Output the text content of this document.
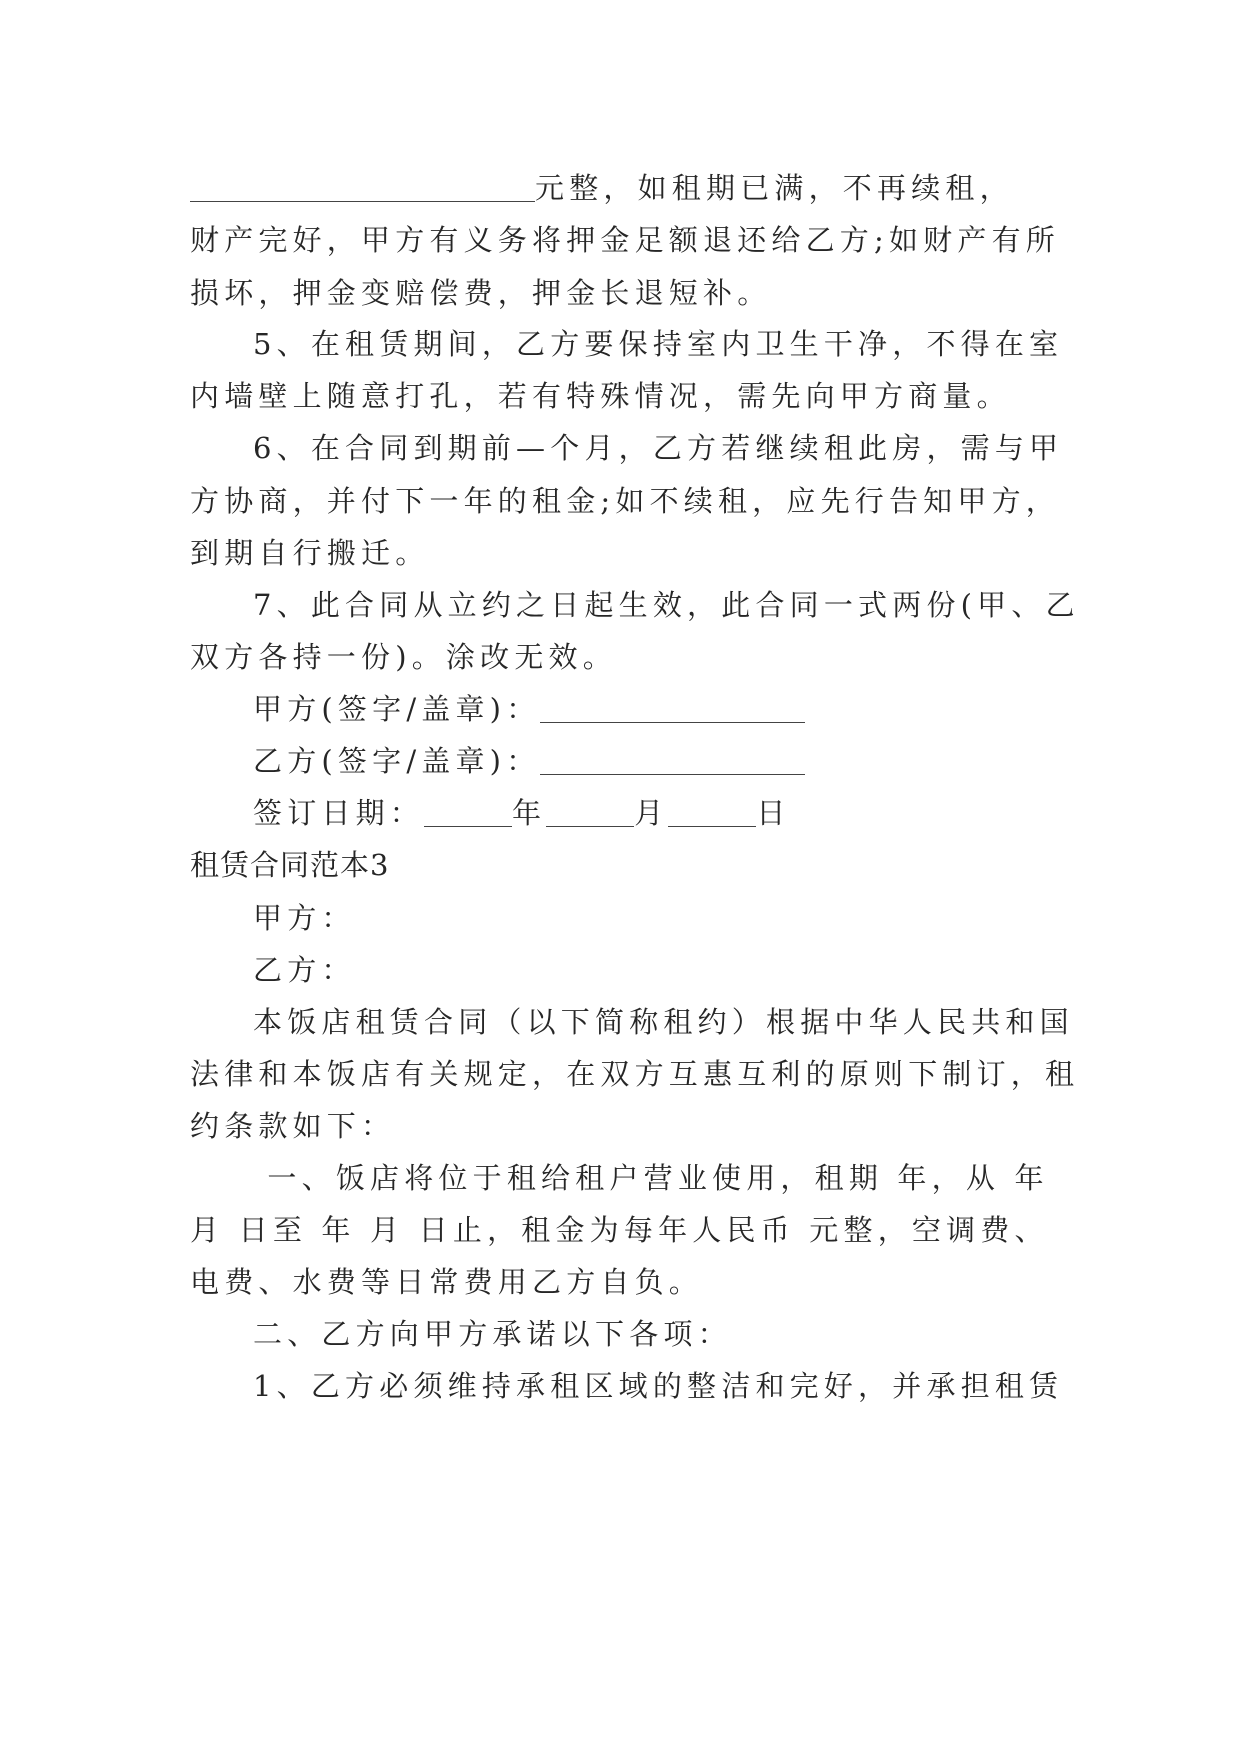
元整，如租期已满，不再续租，
财产完好，甲方有义务将押金足额退还给乙方;如财产有所
损坏，押金变赔偿费，押金长退短补。
5、在租赁期间，乙方要保持室内卫生干净，不得在室
内墙壁上随意打孔，若有特殊情况，需先向甲方商量。
6、在合同到期前—个月，乙方若继续租此房，需与甲
方协商，并付下一年的租金;如不续租，应先行告知甲方，
到期自行搬迁。
7、此合同从立约之日起生效，此合同一式两份(甲、乙
双方各持一份)。涂改无效。
甲方(签字/盖章)：
乙方(签字/盖章)：
签订日期：	年	月	日
租赁合同范本3
甲方：
乙方：
本饭店租赁合同（以下简称租约）根据中华人民共和国
法律和本饭店有关规定，在双方互惠互利的原则下制订，租
约条款如下：
一、饭店将位于租给租户营业使用，租期 年，从 年
月 日至 年 月 日止，租金为每年人民币 元整，空调费、
电费、水费等日常费用乙方自负。
二、乙方向甲方承诺以下各项：
1、乙方必须维持承租区域的整洁和完好，并承担租赁
